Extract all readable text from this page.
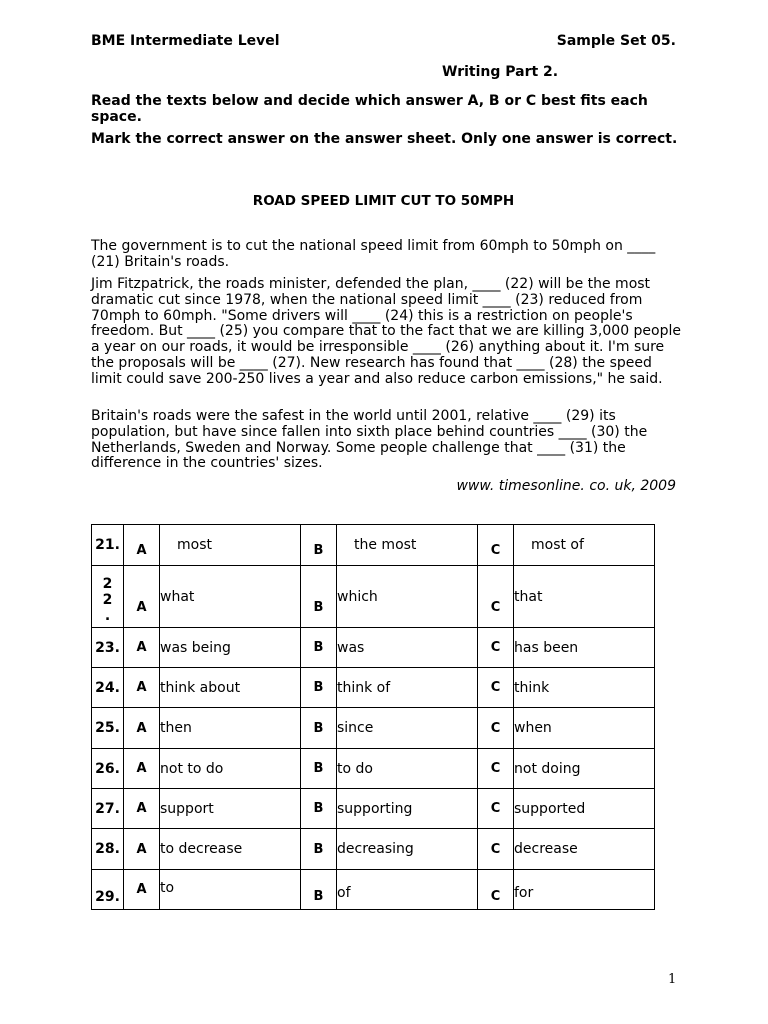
BME Intermediate Level	Sample Set 05.
Writing Part 2.

Read the texts below and decide which answer A, B or C best fits each space.

Mark the correct answer on the answer sheet. Only one answer is correct.

ROAD SPEED LIMIT CUT TO 50MPH

The government is to cut the national speed limit from 60mph to 50mph on ____ (21) Britain's roads.

Jim Fitzpatrick, the roads minister, defended the plan, ____ (22) will be the most dramatic cut since 1978, when the national speed limit ____ (23) reduced from 70mph to 60mph. "Some drivers will ____ (24) this is a restriction on people's freedom. But ____ (25) you compare that to the fact that we are killing 3,000 people a year on our roads, it would be irresponsible ____ (26) anything about it. I'm sure the proposals will be ____ (27). New research has found that ____ (28) the speed limit could save 200-250 lives a year and also reduce carbon emissions," he said.

Britain's roads were the safest in the world until 2001, relative ____ (29) its population, but have since fallen into sixth place behind countries ____ (30) the Netherlands, Sweden and Norway. Some people challenge that ____ (31) the difference in the countries' sizes.

www. timesonline. co. uk, 2009
21.	A	most	B	the most	C	most of

2
2
.	A	what	B	which	C	that
23.	A	was being	B	was	C	has been
24.	A	think about	B	think of	C	think
25.	A	then	B	since	C	when
26.	A	not to do	B	to do	C	not doing
27.	A	support	B	supporting	C	supported
28.	A	to decrease	B	decreasing	C	decrease
29.	A	to	B	of	C	for
1
